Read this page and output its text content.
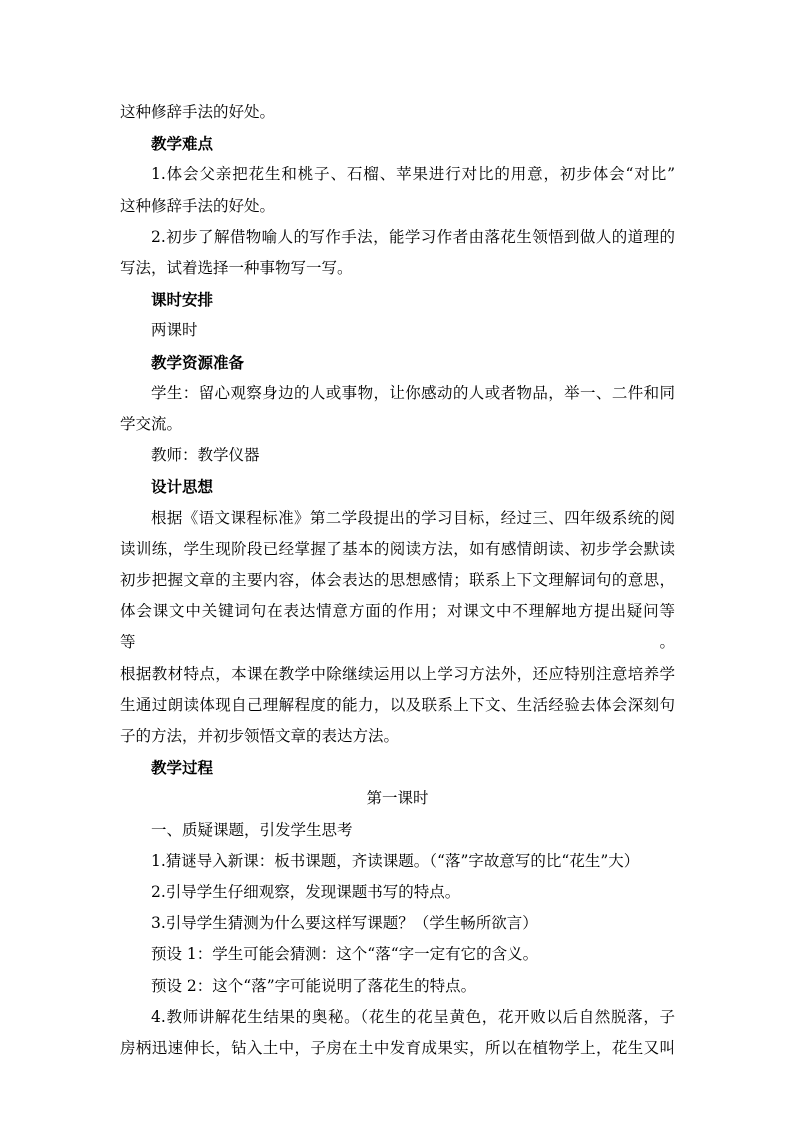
这种修辞手法的好处。

教学难点

1.体会父亲把花生和桃子、石榴、苹果进行对比的用意，初步体会“对比”

这种修辞手法的好处。

2.初步了解借物喻人的写作手法，能学习作者由落花生领悟到做人的道理的

写法，试着选择一种事物写一写。

课时安排

两课时

教学资源准备

学生：留心观察身边的人或事物，让你感动的人或者物品，举一、二件和同

学交流。

教师：教学仪器

设计思想

根据《语文课程标准》第二学段提出的学习目标，经过三、四年级系统的阅

读训练，学生现阶段已经掌握了基本的阅读方法，如有感情朗读、初步学会默读

初步把握文章的主要内容，体会表达的思想感情；联系上下文理解词句的意思，

体会课文中关键词句在表达情意方面的作用；对课文中不理解地方提出疑问等等。

根据教材特点，本课在教学中除继续运用以上学习方法外，还应特别注意培养学

生通过朗读体现自己理解程度的能力，以及联系上下文、生活经验去体会深刻句

子的方法，并初步领悟文章的表达方法。

教学过程

第一课时

一、质疑课题，引发学生思考

1.猜谜导入新课：板书课题，齐读课题。（“落”字故意写的比“花生”大）

2.引导学生仔细观察，发现课题书写的特点。

3.引导学生猜测为什么要这样写课题？（学生畅所欲言）

预设 1：学生可能会猜测：这个“落“字一定有它的含义。

预设 2：这个“落”字可能说明了落花生的特点。

4.教师讲解花生结果的奥秘。（花生的花呈黄色，花开败以后自然脱落，子

房柄迅速伸长，钻入土中，子房在土中发育成果实，所以在植物学上，花生又叫
